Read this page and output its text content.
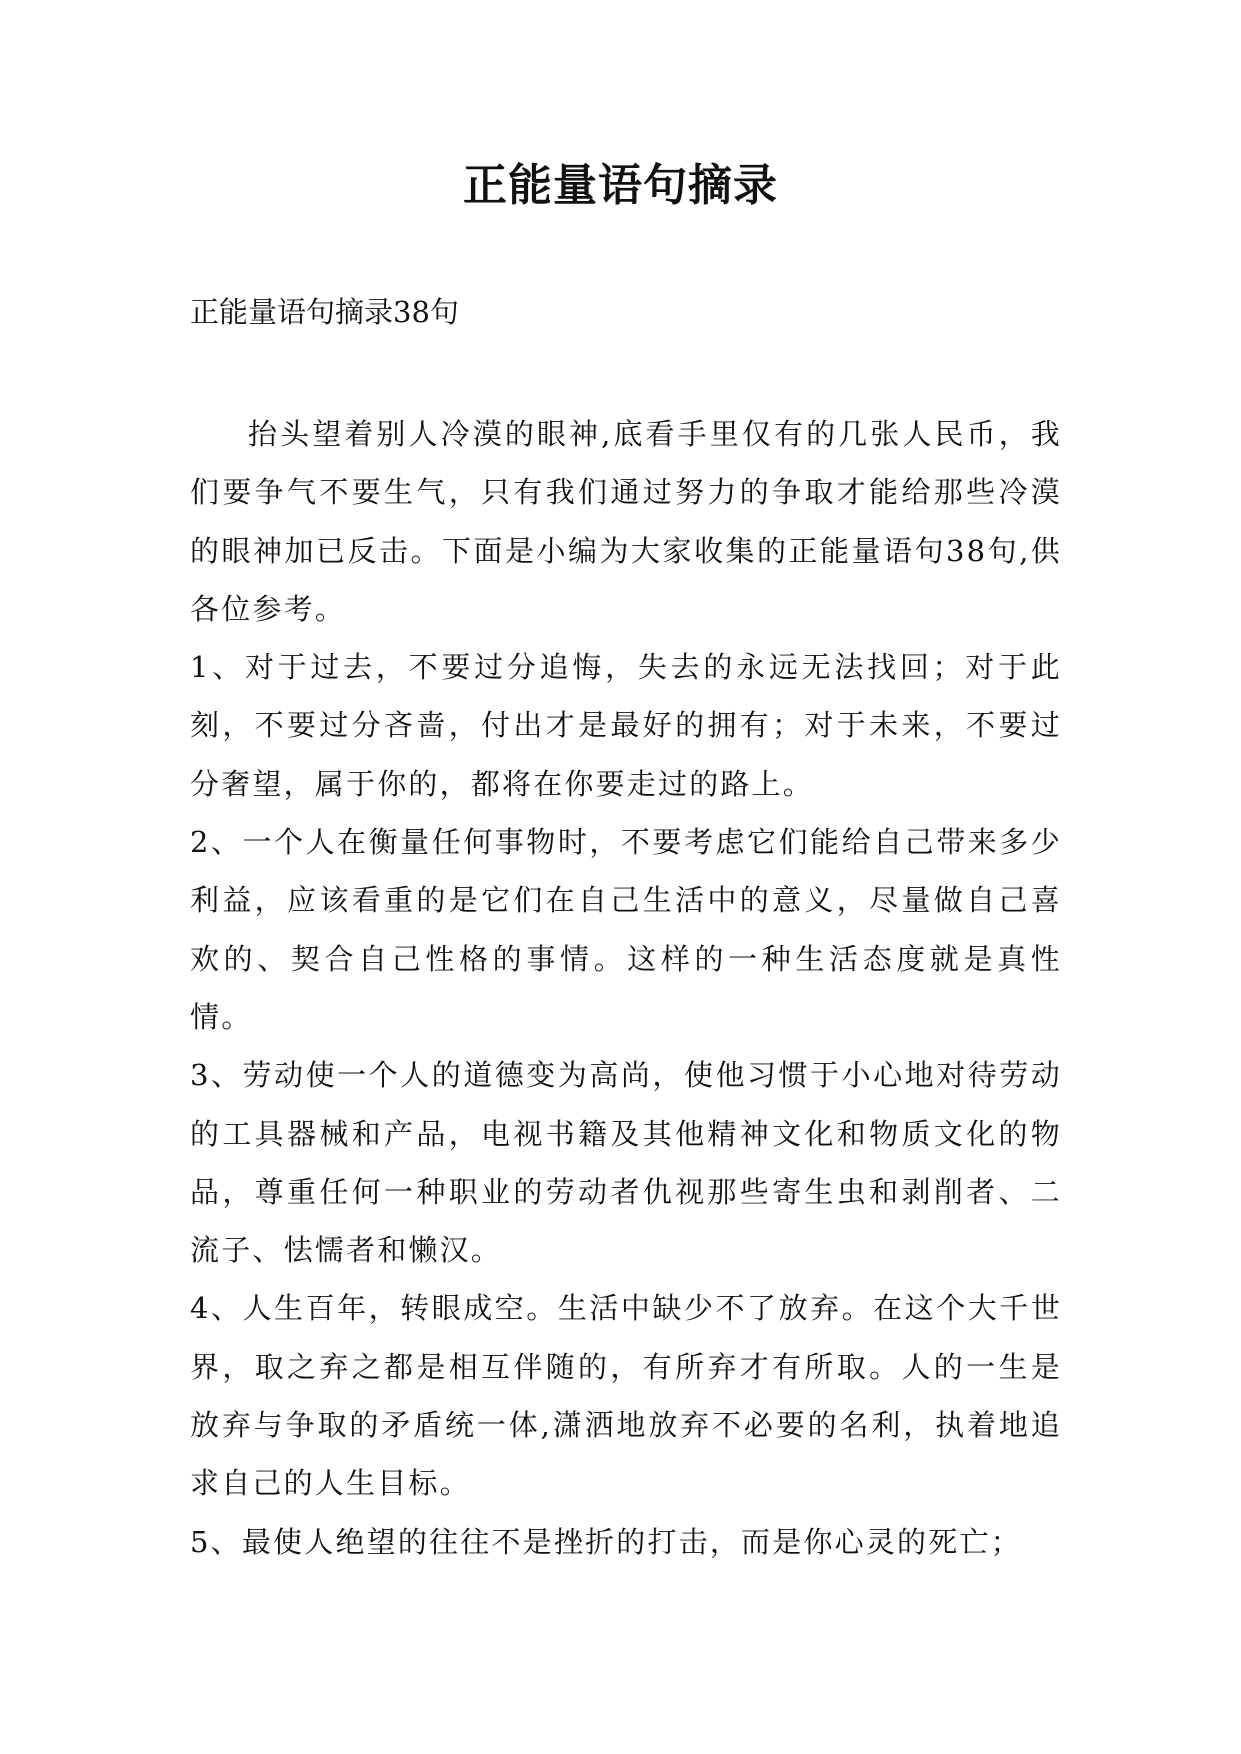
正能量语句摘录

正能量语句摘录38句

抬头望着别人冷漠的眼神,底看手里仅有的几张人民币，我们要争气不要生气，只有我们通过努力的争取才能给那些冷漠的眼神加已反击。下面是小编为大家收集的正能量语句38句,供各位参考。

1、对于过去，不要过分追悔，失去的永远无法找回；对于此刻，不要过分吝啬，付出才是最好的拥有；对于未来，不要过分奢望，属于你的，都将在你要走过的路上。

2、一个人在衡量任何事物时，不要考虑它们能给自己带来多少利益，应该看重的是它们在自己生活中的意义，尽量做自己喜欢的、契合自己性格的事情。这样的一种生活态度就是真性情。

3、劳动使一个人的道德变为高尚，使他习惯于小心地对待劳动的工具器械和产品，电视书籍及其他精神文化和物质文化的物品，尊重任何一种职业的劳动者仇视那些寄生虫和剥削者、二流子、怯懦者和懒汉。

4、人生百年，转眼成空。生活中缺少不了放弃。在这个大千世界，取之弃之都是相互伴随的，有所弃才有所取。人的一生是放弃与争取的矛盾统一体,潇洒地放弃不必要的名利，执着地追求自己的人生目标。

5、最使人绝望的往往不是挫折的打击，而是你心灵的死亡；
